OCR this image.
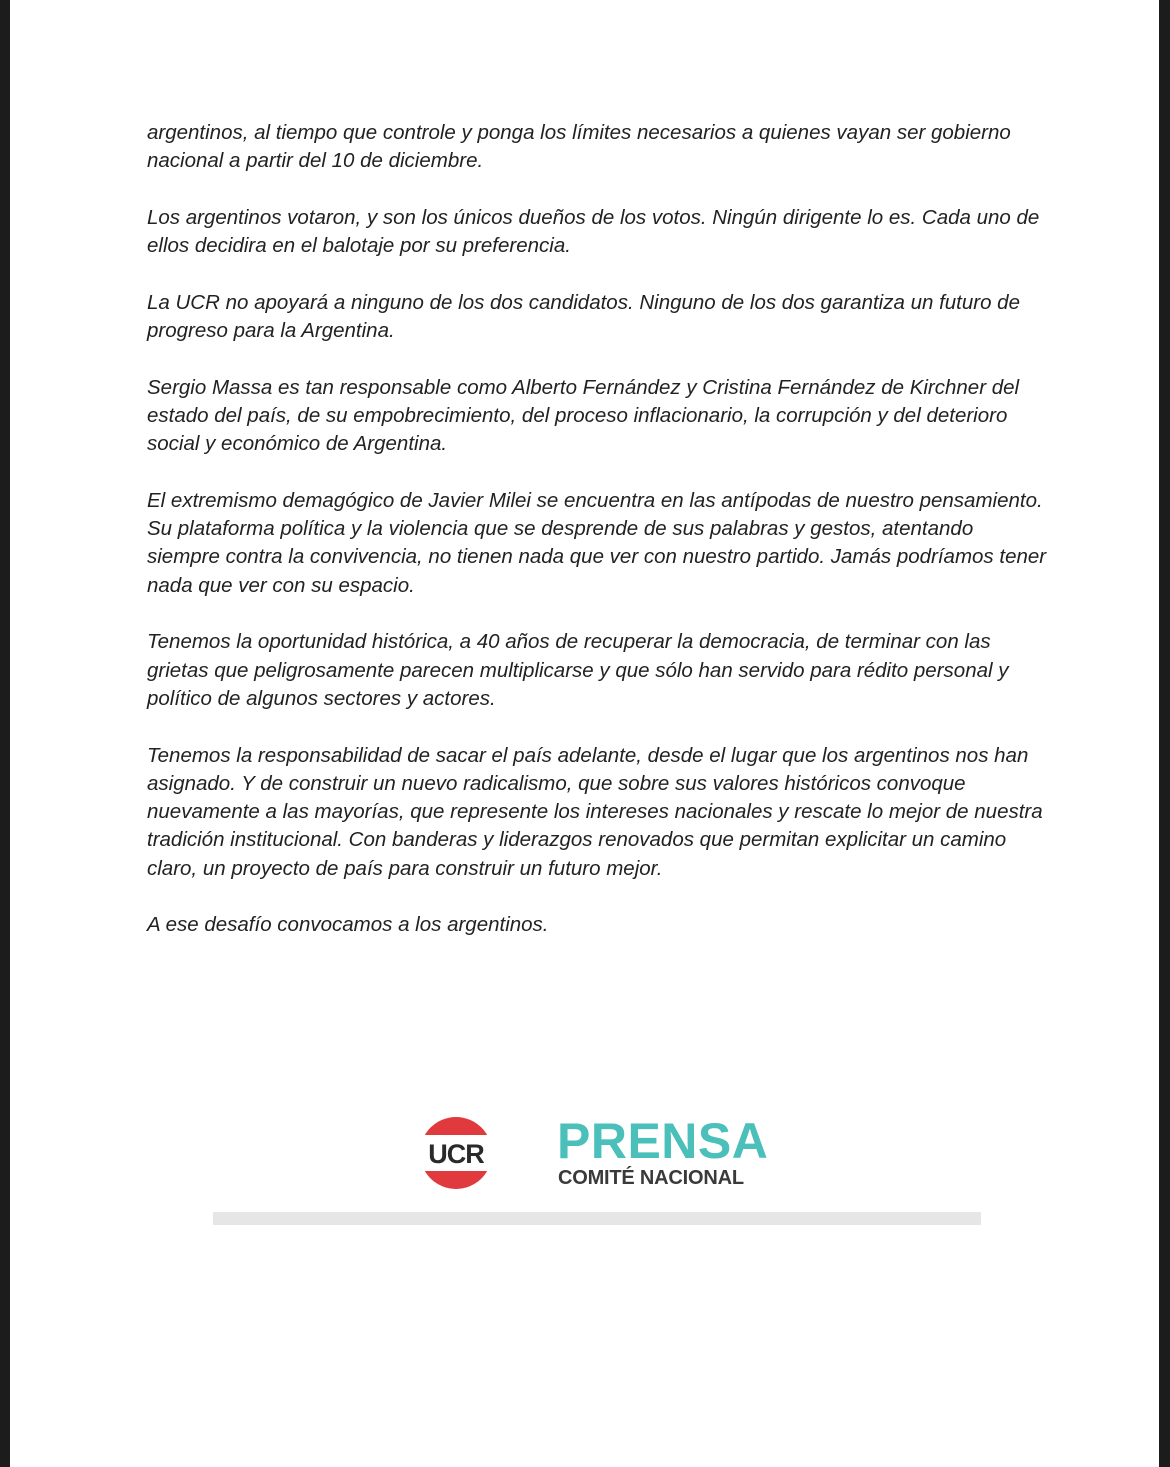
argentinos, al tiempo que controle y ponga los límites necesarios a quienes vayan ser gobierno nacional a partir del 10 de diciembre.

Los argentinos votaron, y son los únicos dueños de los votos. Ningún dirigente lo es. Cada uno de ellos decidira en el balotaje por su preferencia.

La UCR no apoyará a ninguno de los dos candidatos. Ninguno de los dos garantiza un futuro de progreso para la Argentina.

Sergio Massa es tan responsable como Alberto Fernández y Cristina Fernández de Kirchner del estado del país, de su empobrecimiento, del proceso inflacionario, la corrupción y del deterioro social y económico de Argentina.

El extremismo demagógico de Javier Milei se encuentra en las antípodas de nuestro pensamiento. Su plataforma política y la violencia que se desprende de sus palabras y gestos, atentando siempre contra la convivencia, no tienen nada que ver con nuestro partido. Jamás podríamos tener nada que ver con su espacio.

Tenemos la oportunidad histórica, a 40 años de recuperar la democracia, de terminar con las grietas que peligrosamente parecen multiplicarse y que sólo han servido para rédito personal y político de algunos sectores y actores.

Tenemos la responsabilidad de sacar el país adelante, desde el lugar que los argentinos nos han asignado. Y de construir un nuevo radicalismo, que sobre sus valores históricos convoque nuevamente a las mayorías, que represente los intereses nacionales y rescate lo mejor de nuestra tradición institucional. Con banderas y liderazgos renovados que permitan explicitar un camino claro, un proyecto de país para construir un futuro mejor.

A ese desafío convocamos a los argentinos.

UCR PRENSA
COMITÉ NACIONAL
